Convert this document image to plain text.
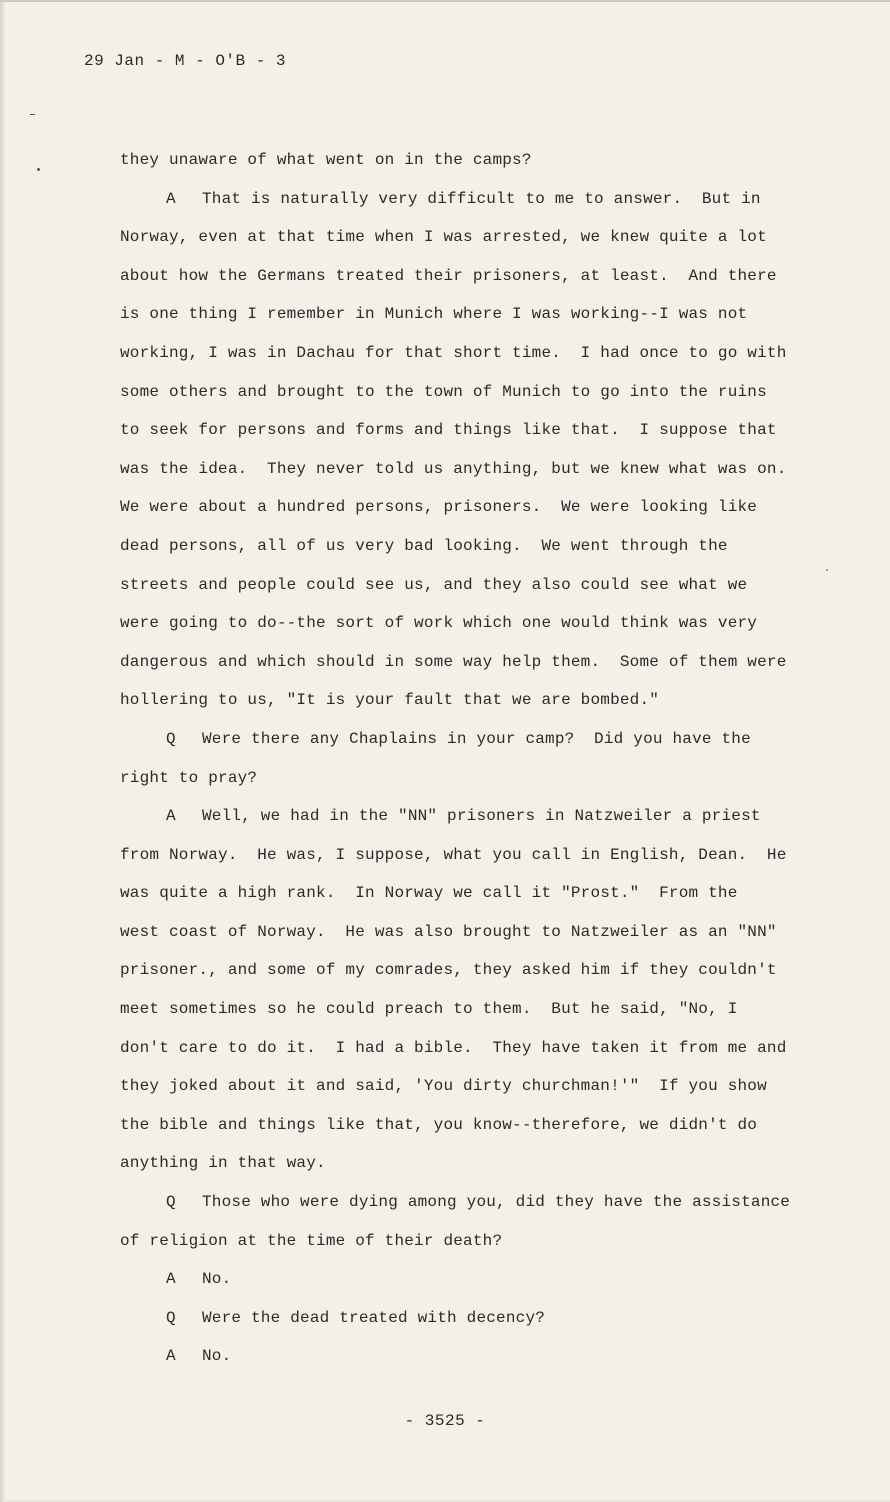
29 Jan - M - O'B - 3
they unaware of what went on in the camps?
A That is naturally very difficult to me to answer.  But in
Norway, even at that time when I was arrested, we knew quite a lot
about how the Germans treated their prisoners, at least.  And there
is one thing I remember in Munich where I was working--I was not
working, I was in Dachau for that short time.  I had once to go with
some others and brought to the town of Munich to go into the ruins
to seek for persons and forms and things like that.  I suppose that
was the idea.  They never told us anything, but we knew what was on.
We were about a hundred persons, prisoners.  We were looking like
dead persons, all of us very bad looking.  We went through the
streets and people could see us, and they also could see what we
were going to do--the sort of work which one would think was very
dangerous and which should in some way help them.  Some of them were
hollering to us, "It is your fault that we are bombed."
Q Were there any Chaplains in your camp?  Did you have the
right to pray?
A Well, we had in the "NN" prisoners in Natzweiler a priest
from Norway.  He was, I suppose, what you call in English, Dean.  He
was quite a high rank.  In Norway we call it "Prost."  From the
west coast of Norway.  He was also brought to Natzweiler as an "NN"
prisoner., and some of my comrades, they asked him if they couldn't
meet sometimes so he could preach to them.  But he said, "No, I
don't care to do it.  I had a bible.  They have taken it from me and
they joked about it and said, 'You dirty churchman!'"  If you show
the bible and things like that, you know--therefore, we didn't do
anything in that way.
Q Those who were dying among you, did they have the assistance
of religion at the time of their death?
A No.
Q Were the dead treated with decency?
A No.
- 3525 -
